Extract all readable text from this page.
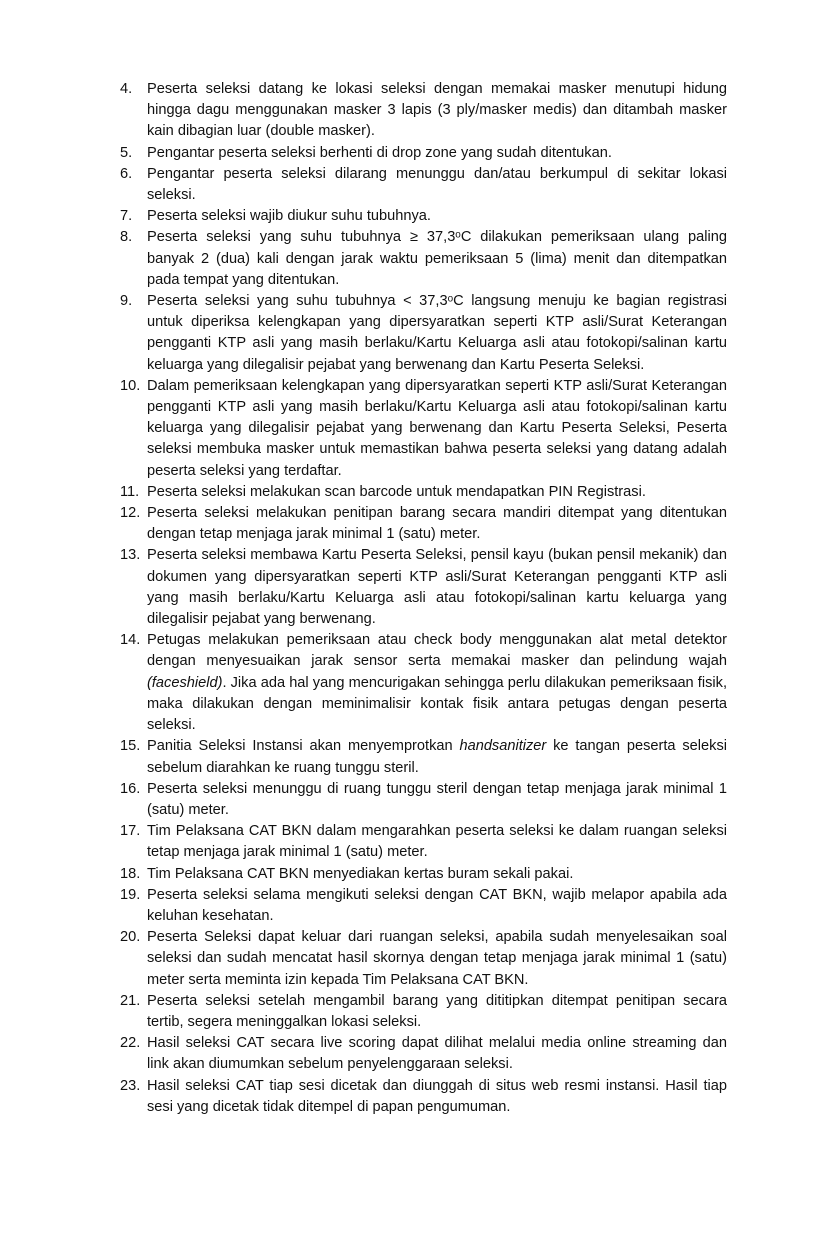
4.	Peserta seleksi datang ke lokasi seleksi dengan memakai masker menutupi hidung hingga dagu menggunakan masker 3 lapis (3 ply/masker medis) dan ditambah masker kain dibagian luar (double masker).
5.	Pengantar peserta seleksi berhenti di drop zone yang sudah ditentukan.
6.	Pengantar peserta seleksi dilarang menunggu dan/atau berkumpul di sekitar lokasi seleksi.
7.	Peserta seleksi wajib diukur suhu tubuhnya.
8.	Peserta seleksi yang suhu tubuhnya ≥ 37,3ᵒC dilakukan pemeriksaan ulang paling banyak 2 (dua) kali dengan jarak waktu pemeriksaan 5 (lima) menit dan ditempatkan pada tempat yang ditentukan.
9.	Peserta seleksi yang suhu tubuhnya < 37,3ᵒC langsung menuju ke bagian registrasi untuk diperiksa kelengkapan yang dipersyaratkan seperti KTP asli/Surat Keterangan pengganti KTP asli yang masih berlaku/Kartu Keluarga asli atau fotokopi/salinan kartu keluarga yang dilegalisir pejabat yang berwenang dan Kartu Peserta Seleksi.
10. Dalam pemeriksaan kelengkapan yang dipersyaratkan seperti KTP asli/Surat Keterangan pengganti KTP asli yang masih berlaku/Kartu Keluarga asli atau fotokopi/salinan kartu keluarga yang dilegalisir pejabat yang berwenang dan Kartu Peserta Seleksi, Peserta seleksi membuka masker untuk memastikan bahwa peserta seleksi yang datang adalah peserta seleksi yang terdaftar.
11. Peserta seleksi melakukan scan barcode untuk mendapatkan PIN Registrasi.
12. Peserta seleksi melakukan penitipan barang secara mandiri ditempat yang ditentukan dengan tetap menjaga jarak minimal 1 (satu) meter.
13. Peserta seleksi membawa Kartu Peserta Seleksi, pensil kayu (bukan pensil mekanik) dan dokumen yang dipersyaratkan seperti KTP asli/Surat Keterangan pengganti KTP asli yang masih berlaku/Kartu Keluarga asli atau fotokopi/salinan kartu keluarga yang dilegalisir pejabat yang berwenang.
14. Petugas melakukan pemeriksaan atau check body menggunakan alat metal detektor dengan menyesuaikan jarak sensor serta memakai masker dan pelindung wajah (faceshield). Jika ada hal yang mencurigakan sehingga perlu dilakukan pemeriksaan fisik, maka dilakukan dengan meminimalisir kontak fisik antara petugas dengan peserta seleksi.
15. Panitia Seleksi Instansi akan menyemprotkan handsanitizer ke tangan peserta seleksi sebelum diarahkan ke ruang tunggu steril.
16. Peserta seleksi menunggu di ruang tunggu steril dengan tetap menjaga jarak minimal 1 (satu) meter.
17. Tim Pelaksana CAT BKN dalam mengarahkan peserta seleksi ke dalam ruangan seleksi tetap menjaga jarak minimal 1 (satu) meter.
18. Tim Pelaksana CAT BKN menyediakan kertas buram sekali pakai.
19. Peserta seleksi selama mengikuti seleksi dengan CAT BKN, wajib melapor apabila ada keluhan kesehatan.
20. Peserta Seleksi dapat keluar dari ruangan seleksi, apabila sudah menyelesaikan soal seleksi dan sudah mencatat hasil skornya dengan tetap menjaga jarak minimal 1 (satu) meter serta meminta izin kepada Tim Pelaksana CAT BKN.
21. Peserta seleksi setelah mengambil barang yang dititipkan ditempat penitipan secara tertib, segera meninggalkan lokasi seleksi.
22. Hasil seleksi CAT secara live scoring dapat dilihat melalui media online streaming dan link akan diumumkan sebelum penyelenggaraan seleksi.
23. Hasil seleksi CAT tiap sesi dicetak dan diunggah di situs web resmi instansi. Hasil tiap sesi yang dicetak tidak ditempel di papan pengumuman.
